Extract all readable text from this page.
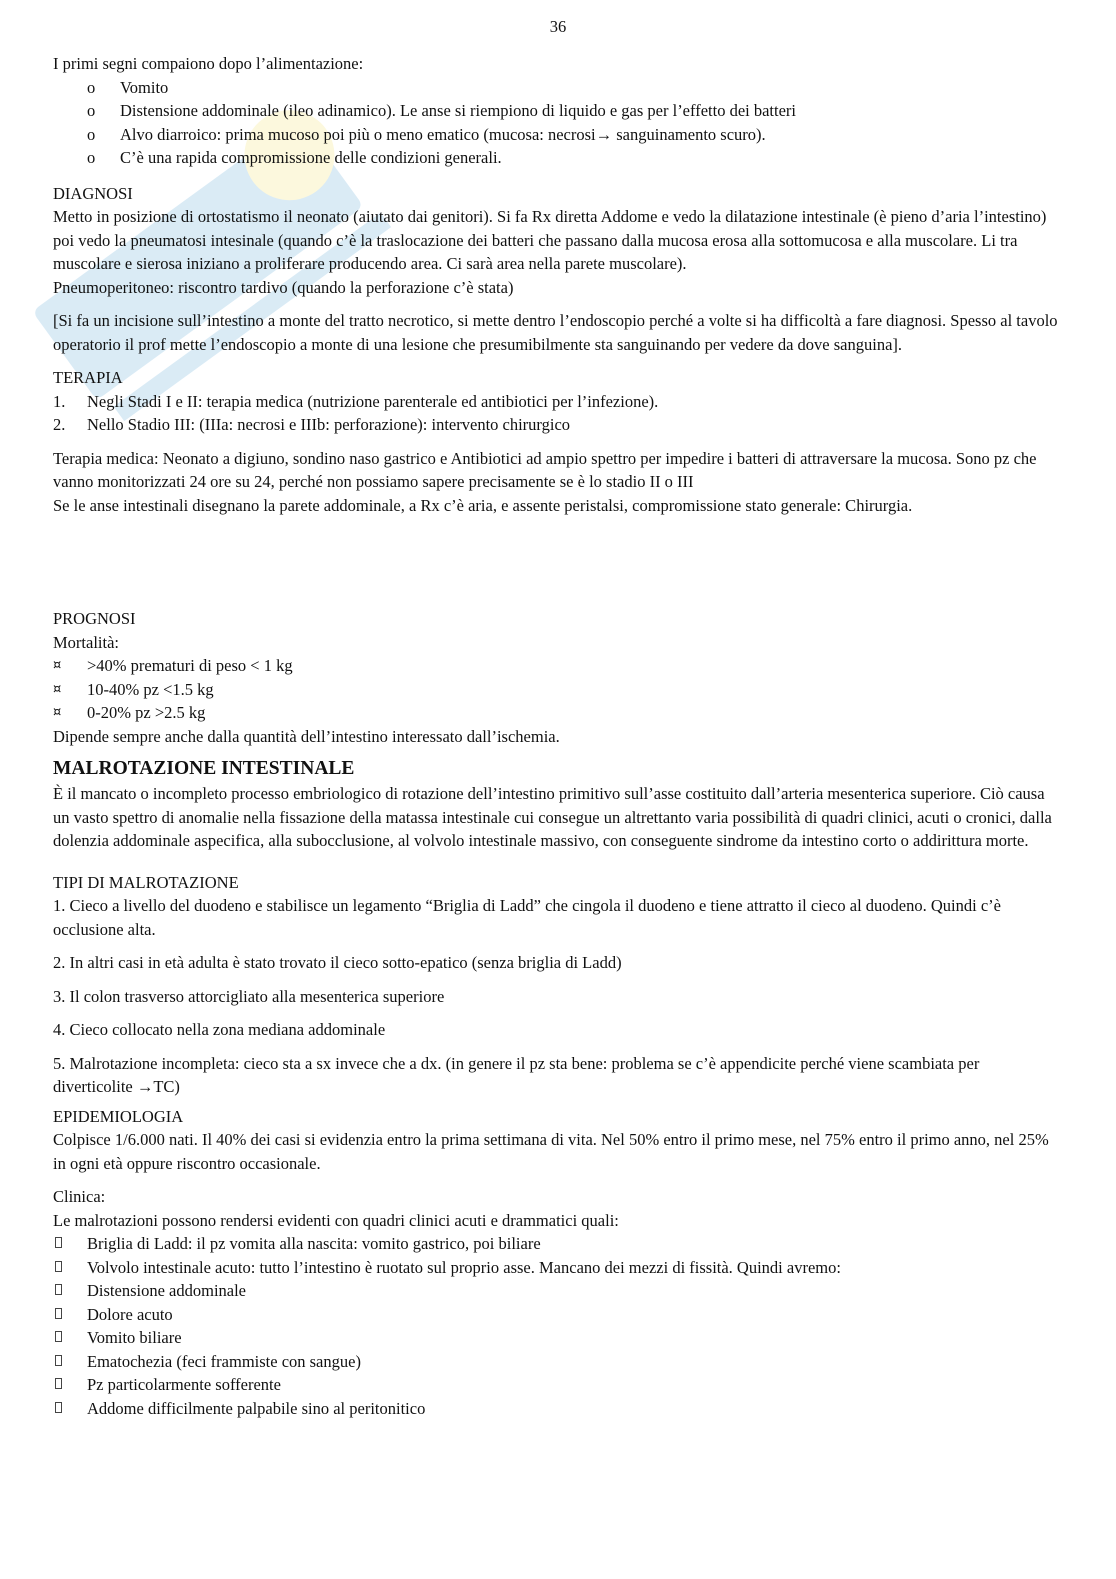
36

I primi segni compaiono dopo l’alimentazione:

o Vomito
o Distensione addominale (ileo adinamico). Le anse si riempiono di liquido e gas per l’effetto dei batteri
o Alvo diarroico: prima mucoso poi più o meno ematico (mucosa: necrosi→ sanguinamento scuro).
o C’è una rapida compromissione delle condizioni generali.

DIAGNOSI

Metto in posizione di ortostatismo il neonato (aiutato dai genitori). Si fa Rx diretta Addome e vedo la dilatazione intestinale (è pieno d’aria l’intestino) poi vedo la pneumatosi intesinale (quando c’è la traslocazione dei batteri che passano dalla mucosa erosa alla sottomucosa e alla muscolare. Li tra muscolare e sierosa iniziano a proliferare producendo area. Ci sarà area nella parete muscolare).

Pneumoperitoneo: riscontro tardivo (quando la perforazione c’è stata)

[Si fa un incisione sull’intestino a monte del tratto necrotico, si mette dentro l’endoscopio perché a volte si ha difficoltà a fare diagnosi. Spesso al tavolo operatorio il prof mette l’endoscopio a monte di una lesione che presumibilmente sta sanguinando per vedere da dove sanguina].

TERAPIA

1. Negli Stadi I e II: terapia medica (nutrizione parenterale ed antibiotici per l’infezione).
2. Nello Stadio III: (IIIa: necrosi e IIIb: perforazione): intervento chirurgico

Terapia medica: Neonato a digiuno, sondino naso gastrico e Antibiotici ad ampio spettro per impedire i batteri di attraversare la mucosa. Sono pz che vanno monitorizzati 24 ore su 24, perché non possiamo sapere precisamente se è lo stadio II o III

Se le anse intestinali disegnano la parete addominale, a Rx c’è aria, e assente peristalsi, compromissione stato generale: Chirurgia.

PROGNOSI

Mortalità:

¤ >40% prematuri di peso < 1 kg
¤ 10-40% pz <1.5 kg
¤ 0-20% pz >2.5 kg

Dipende sempre anche dalla quantità dell’intestino interessato dall’ischemia.

MALROTAZIONE INTESTINALE

È il mancato o incompleto processo embriologico di rotazione dell’intestino primitivo sull’asse costituito dall’arteria mesenterica superiore. Ciò causa un vasto spettro di anomalie nella fissazione della matassa intestinale cui consegue un altrettanto varia possibilità di quadri clinici, acuti o cronici, dalla dolenzia addominale aspecifica, alla subocclusione, al volvolo intestinale massivo, con conseguente sindrome da intestino corto o addirittura morte.

TIPI DI MALROTAZIONE

1. Cieco a livello del duodeno e stabilisce un legamento “Briglia di Ladd” che cingola il duodeno e tiene attratto il cieco al duodeno. Quindi c’è occlusione alta.

2. In altri casi in età adulta è stato trovato il cieco sotto-epatico (senza briglia di Ladd)

3. Il colon trasverso attorcigliato alla mesenterica superiore

4. Cieco collocato nella zona mediana addominale

5. Malrotazione incompleta: cieco sta a sx invece che a dx. (in genere il pz sta bene: problema se c’è appendicite perché viene scambiata per diverticolite →TC)

EPIDEMIOLOGIA

Colpisce 1/6.000 nati. Il 40% dei casi si evidenzia entro la prima settimana di vita. Nel 50% entro il primo mese, nel 75% entro il primo anno, nel 25% in ogni età oppure riscontro occasionale.

Clinica:

Le malrotazioni possono rendersi evidenti con quadri clinici acuti e drammatici quali:

Briglia di Ladd: il pz vomita alla nascita: vomito gastrico, poi biliare
Volvolo intestinale acuto: tutto l’intestino è ruotato sul proprio asse. Mancano dei mezzi di fissità. Quindi avremo:
Distensione addominale
Dolore acuto
Vomito biliare
Ematochezia (feci frammiste con sangue)
Pz particolarmente sofferente
Addome difficilmente palpabile sino al peritonitico
